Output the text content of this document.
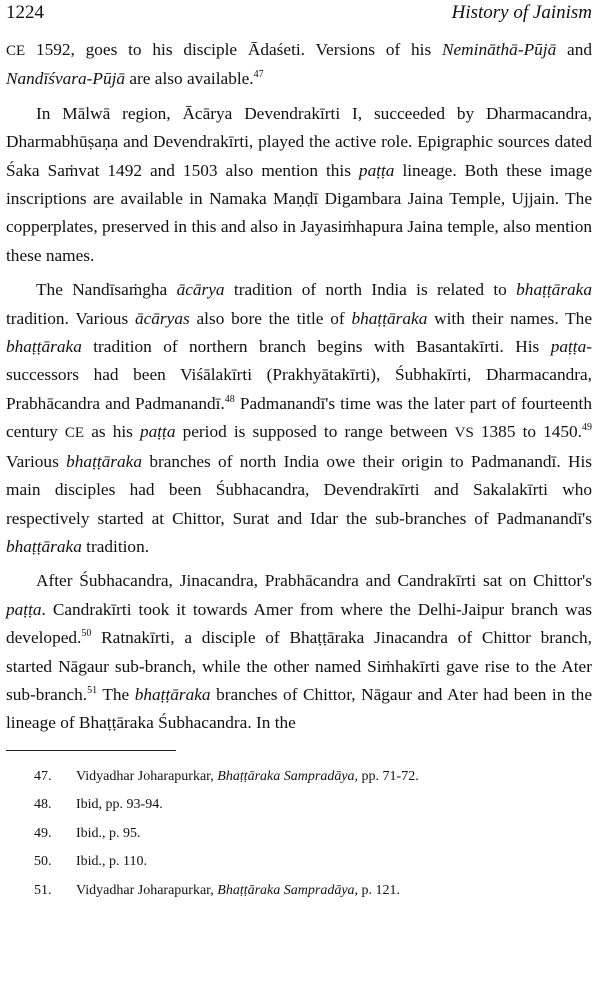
1224	History of Jainism

CE 1592, goes to his disciple Ādaśeti. Versions of his Nemināthā-Pūjā and Nandīśvara-Pūjā are also available.$^{47}$

In Mālwā region, Ācārya Devendrakīrti I, succeeded by Dharmacandra, Dharmabhūṣaṇa and Devendrakīrti, played the active role. Epigraphic sources dated Śaka Saṁvat 1492 and 1503 also mention this paṭṭa lineage. Both these image inscriptions are available in Namaka Maṇḍī Digambara Jaina Temple, Ujjain. The copperplates, preserved in this and also in Jayasiṁhapura Jaina temple, also mention these names.

The Nandīsaṁgha ācārya tradition of north India is related to bhaṭṭāraka tradition. Various ācāryas also bore the title of bhaṭṭāraka with their names. The bhaṭṭāraka tradition of northern branch begins with Basantakīrti. His paṭṭa-successors had been Viśālakīrti (Prakhyātakīrti), Śubhakīrti, Dharmacandra, Prabhācandra and Padmanandī.$^{48}$ Padmanandī's time was the later part of fourteenth century CE as his paṭṭa period is supposed to range between VS 1385 to 1450.49 Various bhaṭṭāraka branches of north India owe their origin to Padmanandī. His main disciples had been Śubhacandra, Devendrakīrti and Sakalakīrti who respectively started at Chittor, Surat and Idar the sub-branches of Padmanandī's bhaṭṭāraka tradition.

After Śubhacandra, Jinacandra, Prabhācandra and Candrakīrti sat on Chittor's paṭṭa. Candrakīrti took it towards Amer from where the Delhi-Jaipur branch was developed.$^{50}$ Ratnakīrti, a disciple of Bhaṭṭāraka Jinacandra of Chittor branch, started Nāgaur sub-branch, while the other named Siṁhakīrti gave rise to the Ater sub-branch.$^{51}$ The bhaṭṭāraka branches of Chittor, Nāgaur and Ater had been in the lineage of Bhaṭṭāraka Śubhacandra. In the

47.	Vidyadhar Joharapurkar, Bhaṭṭāraka Sampradāya, pp. 71-72.
48.	Ibid, pp. 93-94.
49.	Ibid., p. 95.
50.	Ibid., p. 110.
51.	Vidyadhar Joharapurkar, Bhaṭṭāraka Sampradāya, p. 121.
